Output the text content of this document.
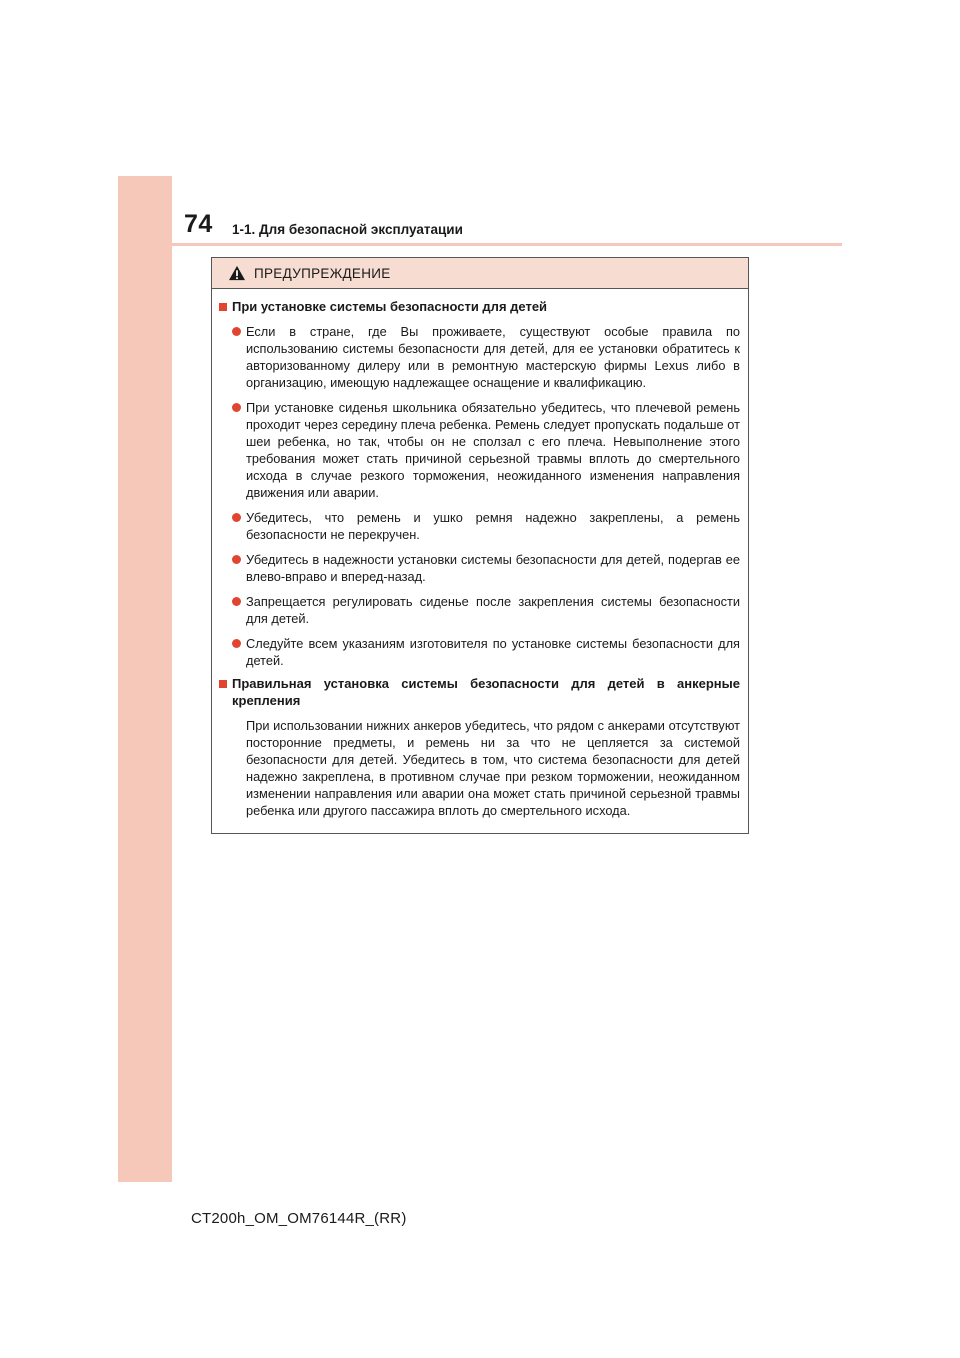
74 1-1. Для безопасной эксплуатации
ПРЕДУПРЕЖДЕНИЕ
При установке системы безопасности для детей
Если в стране, где Вы проживаете, существуют особые правила по использованию системы безопасности для детей, для ее установки обратитесь к авторизованному дилеру или в ремонтную мастерскую фирмы Lexus либо в организацию, имеющую надлежащее оснащение и квалификацию.
При установке сиденья школьника обязательно убедитесь, что плечевой ремень проходит через середину плеча ребенка. Ремень следует пропускать подальше от шеи ребенка, но так, чтобы он не сползал с его плеча. Невыполнение этого требования может стать причиной серьезной травмы вплоть до смертельного исхода в случае резкого торможения, неожиданного изменения направления движения или аварии.
Убедитесь, что ремень и ушко ремня надежно закреплены, а ремень безопасности не перекручен.
Убедитесь в надежности установки системы безопасности для детей, подергав ее влево-вправо и вперед-назад.
Запрещается регулировать сиденье после закрепления системы безопасности для детей.
Следуйте всем указаниям изготовителя по установке системы безопасности для детей.
Правильная установка системы безопасности для детей в анкерные крепления
При использовании нижних анкеров убедитесь, что рядом с анкерами отсутствуют посторонние предметы, и ремень ни за что не цепляется за системой безопасности для детей. Убедитесь в том, что система безопасности для детей надежно закреплена, в противном случае при резком торможении, неожиданном изменении направления или аварии она может стать причиной серьезной травмы ребенка или другого пассажира вплоть до смертельного исхода.
CT200h_OM_OM76144R_(RR)
